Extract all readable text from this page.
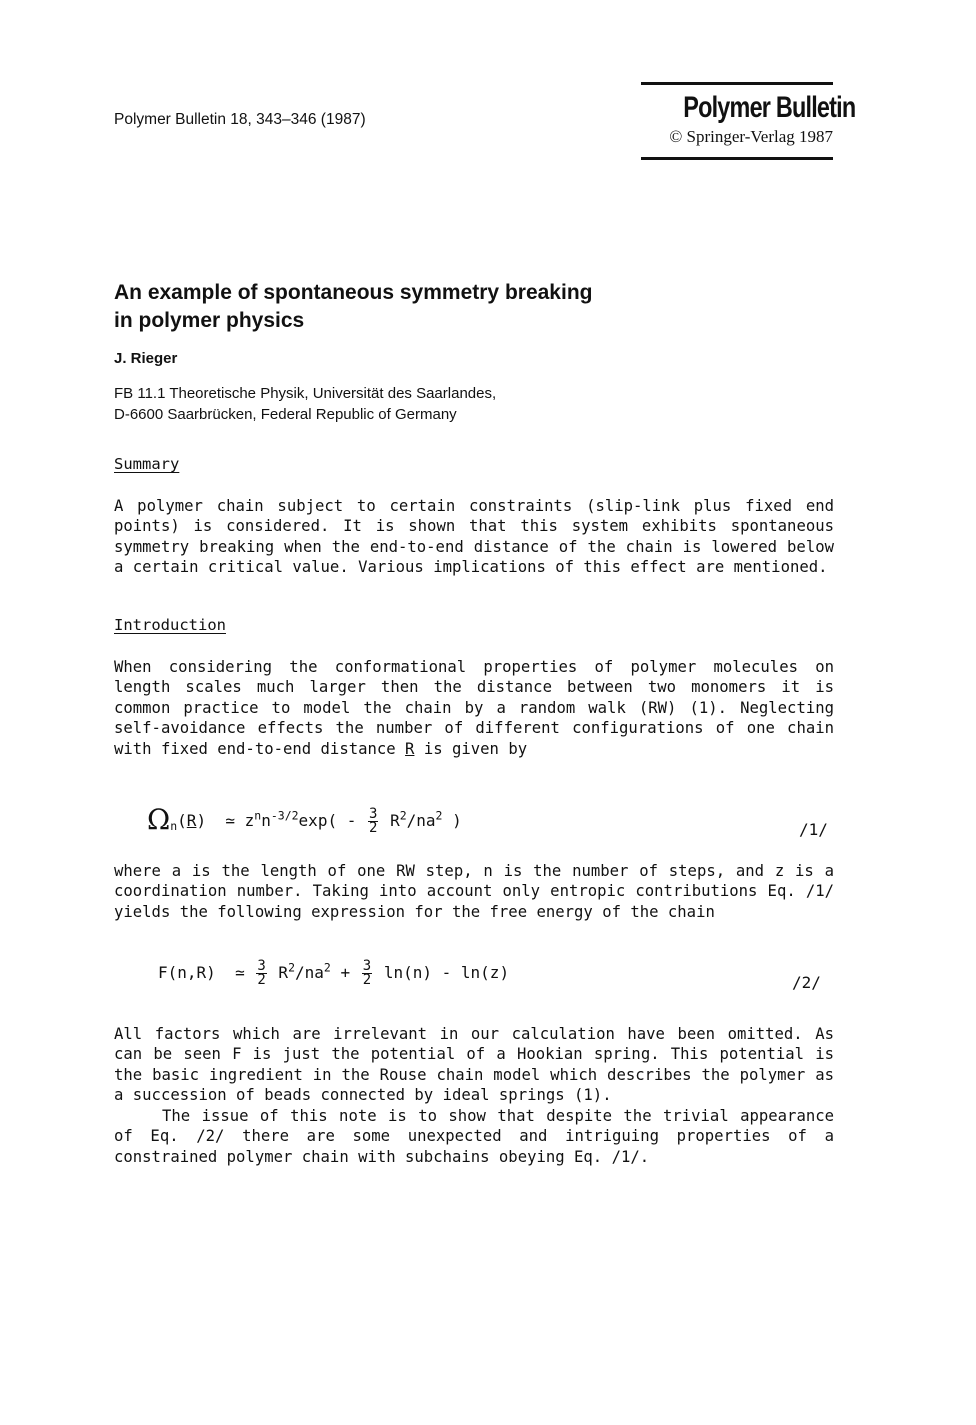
Polymer Bulletin 18, 343–346 (1987)	Polymer Bulletin
© Springer-Verlag 1987
An example of spontaneous symmetry breaking
in polymer physics
J. Rieger
FB 11.1 Theoretische Physik, Universität des Saarlandes,
D-6600 Saarbrücken, Federal Republic of Germany
Summary
A polymer chain subject to certain constraints (slip-link plus fixed end points) is considered. It is shown that this system exhibits spontaneous symmetry breaking when the end-to-end distance of the chain is lowered below a certain critical value. Various implications of this effect are mentioned.
Introduction
When considering the conformational properties of polymer molecules on length scales much larger then the distance between two monomers it is common practice to model the chain by a random walk (RW) (1). Neglecting self-avoidance effects the number of different configurations of one chain with fixed end-to-end distance R is given by
$\Omega_n(R)$ ≃ $z^nn^{-3/2}\exp( - \frac{3}{2} R^2/na^2$ )	/1/
where a is the length of one RW step, n is the number of steps, and z is a coordination number. Taking into account only entropic contributions Eq. /1/ yields the following expression for the free energy of the chain
F(n,R) ≃ $\frac{3}{2} R^2/na^2 + \frac{3}{2} \ln(n) - \ln(z)$
/2/
All factors which are irrelevant in our calculation have been omitted. As can be seen F is just the potential of a Hookian spring. This potential is the basic ingredient in the Rouse chain model which describes the polymer as a succession of beads connected by ideal springs (1).
The issue of this note is to show that despite the trivial appearance of Eq. /2/ there are some unexpected and intriguing properties of a constrained polymer chain with subchains obeying Eq. /1/.
